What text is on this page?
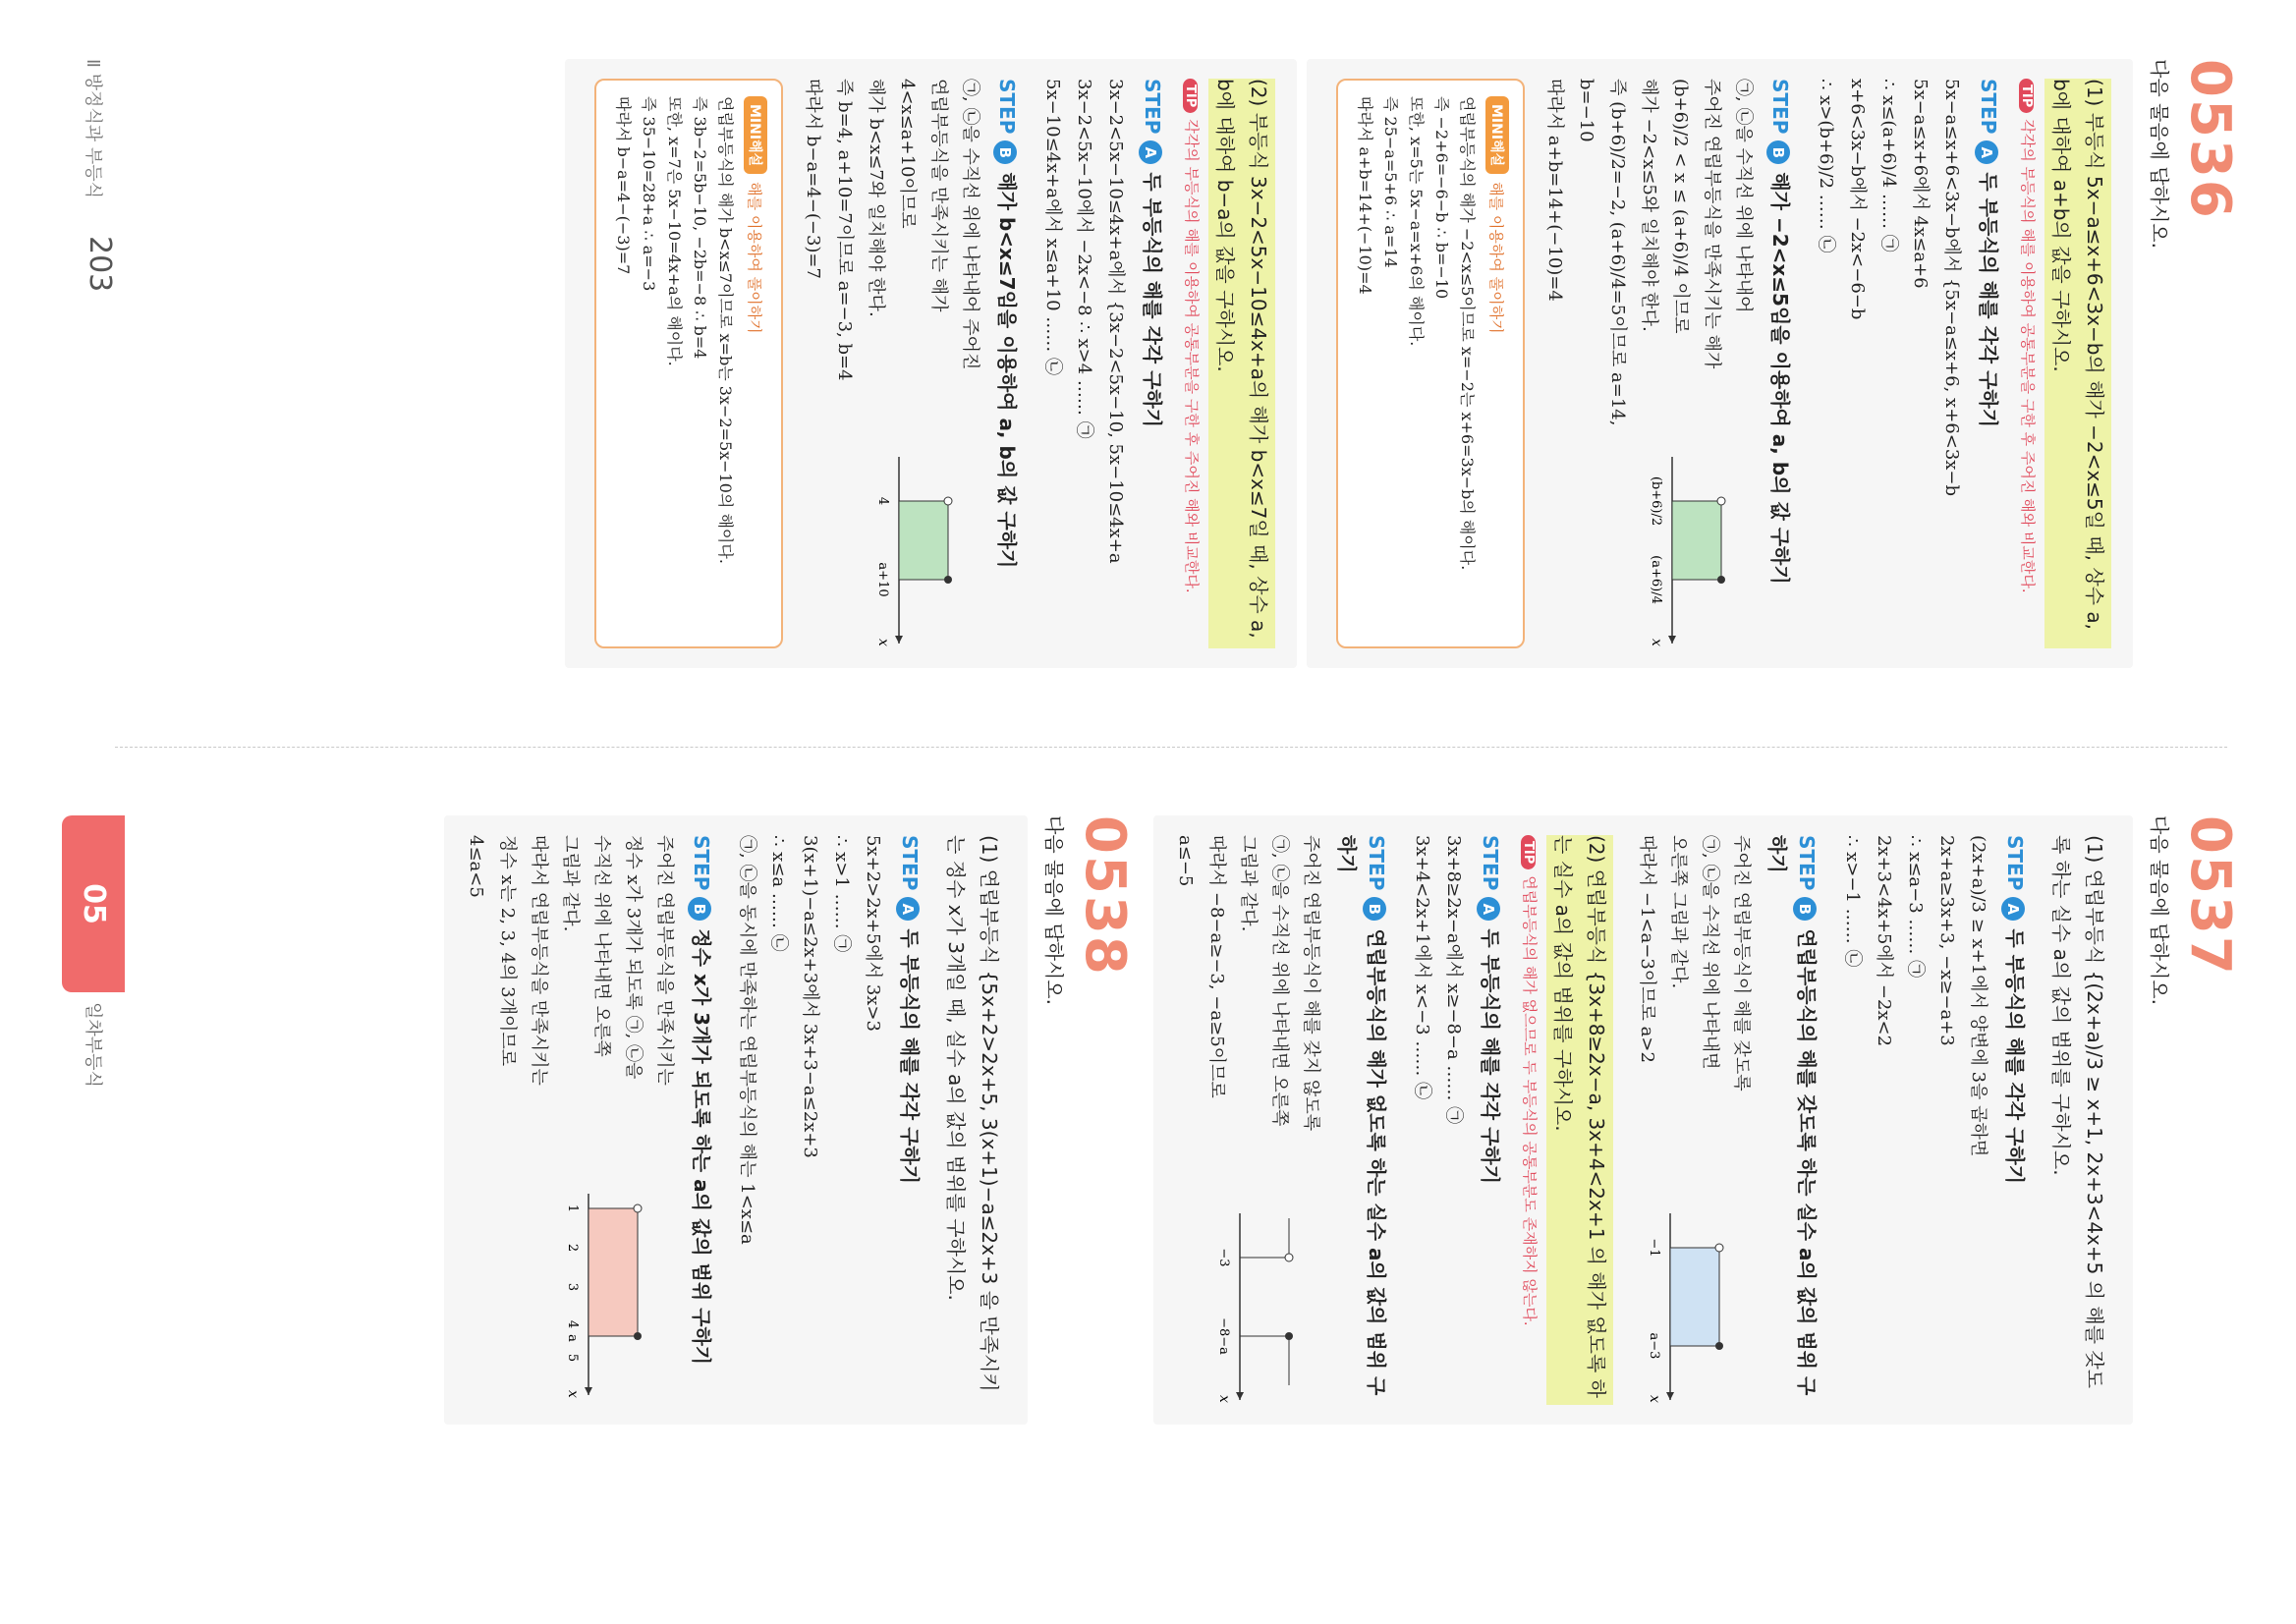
0536
다음 물음에 답하시오.
(1) 부등식 5x−a≤x+6<3x−b의 해가 −2<x≤5일 때, 상수 a, b에 대하여 a+b의 값을 구하시오.
TIP각각의 부등식의 해를 이용하여 공통부분을 구한 후 주어진 해와 비교한다.
STEP A두 부등식의 해를 각각 구하기
5x−a≤x+6<3x−b에서 {5x−a≤x+6, x+6<3x−b
5x−a≤x+6에서 4x≤a+6
∴ x≤(a+6)/4 …… ㉠
x+6<3x−b에서 −2x<−6−b
∴ x>(b+6)/2 …… ㉡
STEP B해가 −2<x≤5임을 이용하여 a, b의 값 구하기
㉠, ㉡을 수직선 위에 나타내어
주어진 연립부등식을 만족시키는 해가
(b+6)/2 < x ≤ (a+6)/4 이므로
해가 −2<x≤5와 일치해야 한다.
즉 (b+6)/2=−2, (a+6)/4=5이므로 a=14, b=−10
따라서 a+b=14+(−10)=4
(b+6)/2
(a+6)/4
x
MINI해설
해를 이용하여 풀이하기
연립부등식의 해가 −2<x≤5이므로 x=−2는 x+6=3x−b의 해이다.
즉 −2+6=−6−b ∴ b=−10
또한, x=5는 5x−a=x+6의 해이다.
즉 25−a=5+6 ∴ a=14
따라서 a+b=14+(−10)=4
(2) 부등식 3x−2<5x−10≤4x+a의 해가 b<x≤7일 때, 상수 a, b에 대하여 b−a의 값을 구하시오.
TIP각각의 부등식의 해를 이용하여 공통부분을 구한 후 주어진 해와 비교한다.
STEP A두 부등식의 해를 각각 구하기
3x−2<5x−10≤4x+a에서 {3x−2<5x−10, 5x−10≤4x+a
3x−2<5x−10에서 −2x<−8 ∴ x>4 …… ㉠
5x−10≤4x+a에서 x≤a+10 …… ㉡
STEP B해가 b<x≤7임을 이용하여 a, b의 값 구하기
㉠, ㉡을 수직선 위에 나타내어 주어진
연립부등식을 만족시키는 해가
4<x≤a+10이므로
해가 b<x≤7와 일치해야 한다.
즉 b=4, a+10=7이므로 a=−3, b=4
따라서 b−a=4−(−3)=7
4
a+10
x
MINI해설
해를 이용하여 풀이하기
연립부등식의 해가 b<x≤7이므로 x=b는 3x−2=5x−10의 해이다.
즉 3b−2=5b−10, −2b=−8 ∴ b=4
또한, x=7은 5x−10=4x+a의 해이다.
즉 35−10=28+a ∴ a=−3
따라서 b−a=4−(−3)=7
0537
다음 물음에 답하시오.
(1) 연립부등식 {(2x+a)/3 ≥ x+1, 2x+3<4x+5 의 해를 갖도록 하는 실수 a의 값의 범위를 구하시오.
STEP A두 부등식의 해를 각각 구하기
(2x+a)/3 ≥ x+1에서 양변에 3을 곱하면
2x+a≥3x+3, −x≥−a+3
∴ x≤a−3 …… ㉠
2x+3<4x+5에서 −2x<2
∴ x>−1 …… ㉡
STEP B연립부등식의 해를 갖도록 하는 실수 a의 값의 범위 구하기
주어진 연립부등식이 해를 갖도록
㉠, ㉡을 수직선 위에 나타내면
오른쪽 그림과 같다.
따라서 −1<a−3이므로 a>2
−1
a−3
x
(2) 연립부등식 {3x+8≥2x−a, 3x+4<2x+1 의 해가 없도록 하는 실수 a의 값의 범위를 구하시오.
TIP연립부등식의 해가 없으므로 두 부등식의 공통부분도 존재하지 않는다.
STEP A두 부등식의 해를 각각 구하기
3x+8≥2x−a에서 x≥−8−a …… ㉠
3x+4<2x+1에서 x<−3 …… ㉡
STEP B연립부등식의 해가 없도록 하는 실수 a의 값의 범위 구하기
주어진 연립부등식이 해를 갖지 않도록
㉠, ㉡을 수직선 위에 나타내면 오른쪽
그림과 같다.
따라서 −8−a≥−3, −a≥5이므로
a≤−5
−3
−8−a
x
0538
다음 물음에 답하시오.
(1) 연립부등식 {5x+2>2x+5, 3(x+1)−a≤2x+3 을 만족시키는 정수 x가 3개일 때, 실수 a의 값의 범위를 구하시오.
STEP A두 부등식의 해를 각각 구하기
5x+2>2x+5에서 3x>3
∴ x>1 …… ㉠
3(x+1)−a≤2x+3에서 3x+3−a≤2x+3
∴ x≤a …… ㉡
㉠, ㉡을 동시에 만족하는 연립부등식의 해는 1<x≤a
STEP B정수 x가 3개가 되도록 하는 a의 값의 범위 구하기
주어진 연립부등식을 만족시키는
정수 x가 3개가 되도록 ㉠, ㉡을
수직선 위에 나타내면 오른쪽
그림과 같다.
따라서 연립부등식을 만족시키는
정수 x는 2, 3, 4의 3개이므로
4≤a<5
1
2
3
4
a
5
x
Ⅱ 방정식과 부등식
203
05
일차부등식
